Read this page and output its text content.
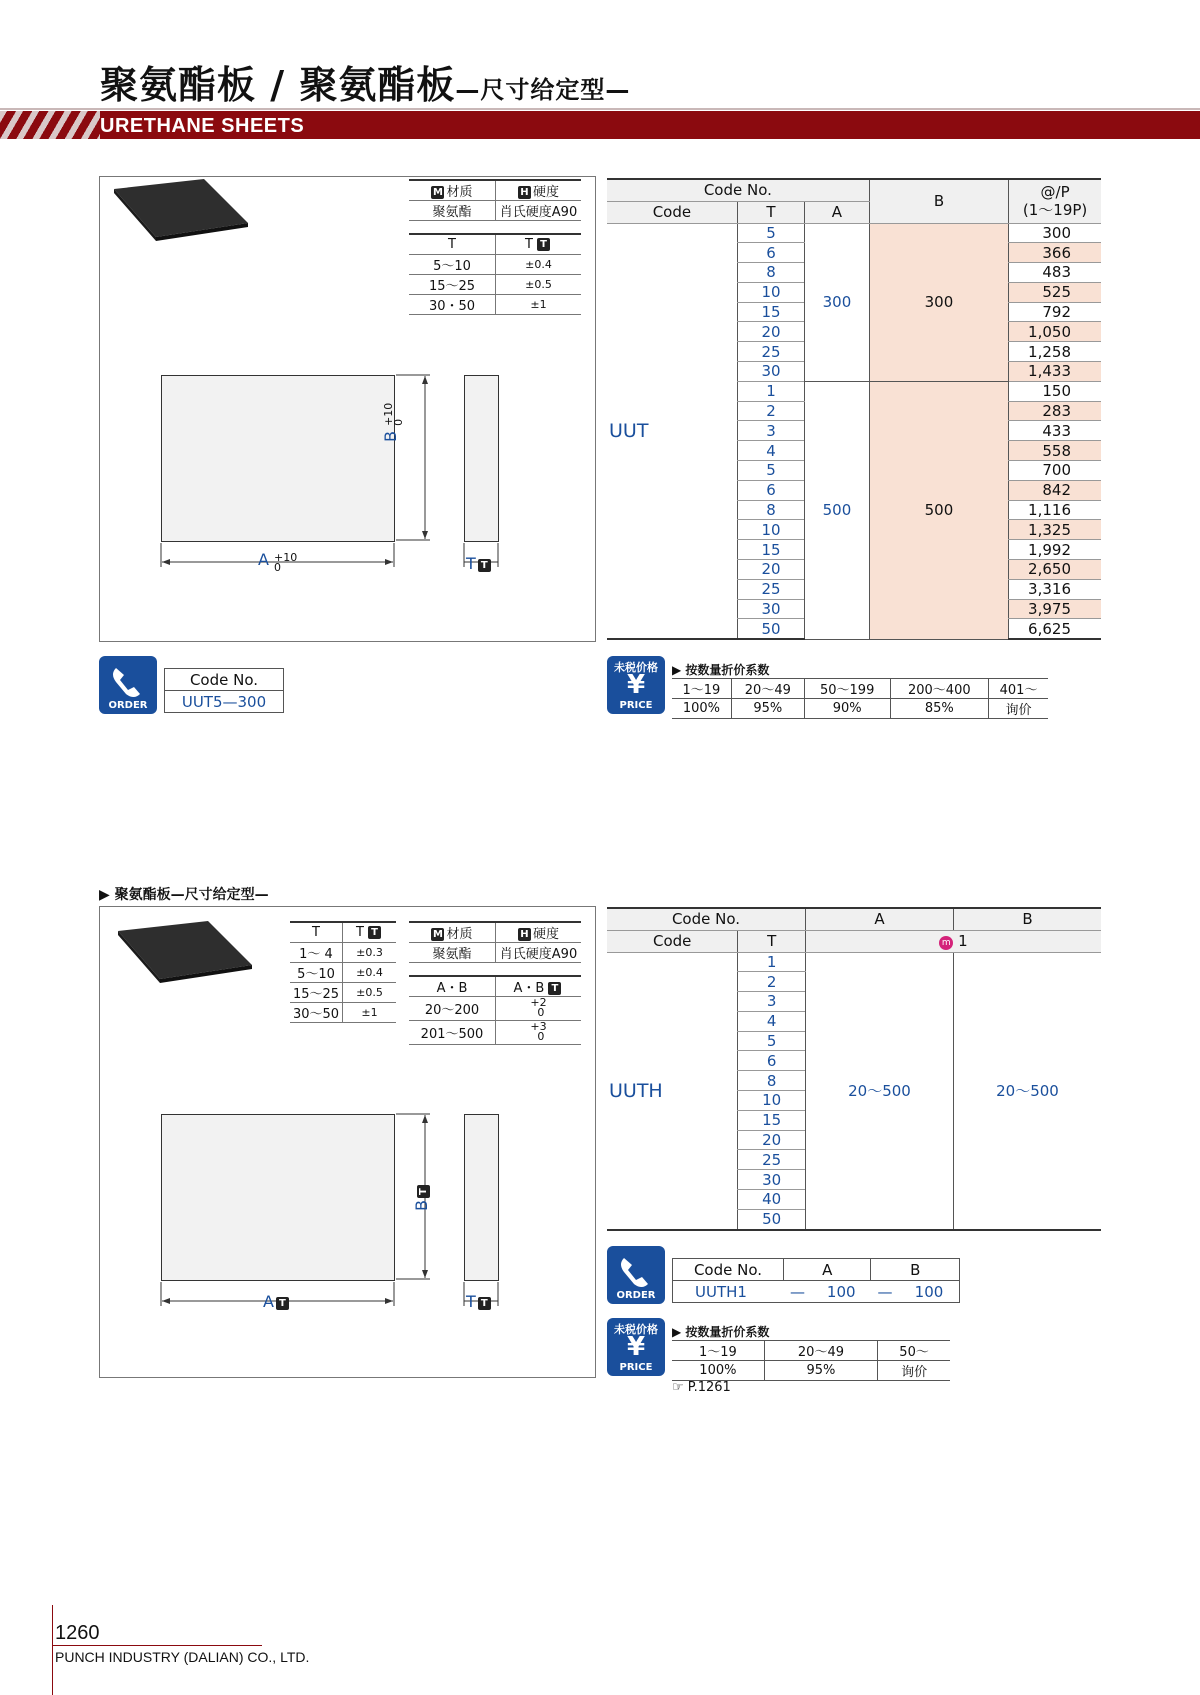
聚氨酯板 / 聚氨酯板—尺寸给定型—
URETHANE SHEETS
M 材质	H 硬度
聚氨酯	肖氏硬度A90
T	T T
5～10	±0.4
15～25	±0.5
30・50	±1
A +10
0
B +10
0
T T
Code No.			B	@/P
(1～19P)
Code	T	A		
UUT	5	300	300	300
	6			366
	8			483
	10			525
	15			792
	20			1,050
	25			1,258
	30			1,433
	1	500	500	150
	2			283
	3			433
	4			558
	5			700
	6			842
	8			1,116
	10			1,325
	15			1,992
	20			2,650
	25			3,316
	30			3,975
	50			6,625
ORDER
Code No.
UUT5—300
未税价格
¥
PRICE
▶ 按数量折价系数
1～19	20～49	50～199	200～400	401～
100%	95%	90%	85%	询价
▶ 聚氨酯板—尺寸给定型—
T	T T
1～ 4	±0.3
5～10	±0.4
15～25	±0.5
30～50	±1
M 材质	H 硬度
聚氨酯	肖氏硬度A90
A・B	A・B T
20～200	+2
0
201～500	+3
0
A T
BT
T T
Code No.		A	B
Code	T	m 1	
UUTH	1	20～500	20～500
	2		
	3		
	4		
	5		
	6		
	8		
	10		
	15		
	20		
	25		
	30		
	40		
	50		
ORDER
Code No.	A		B	
UUTH1	—	100	—	100
未税价格
¥
PRICE
▶ 按数量折价系数
1～19	20～49	50～
100%	95%	询价
☞ P.1261
1260
PUNCH INDUSTRY (DALIAN) CO., LTD.
